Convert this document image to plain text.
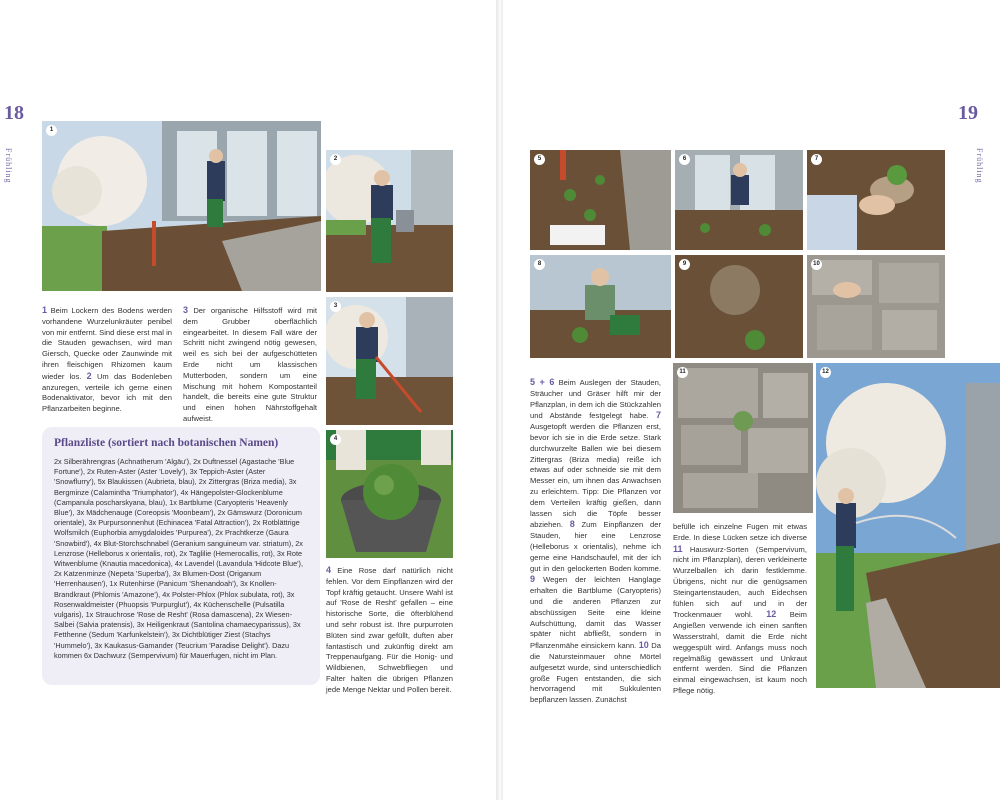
18
Frühling
1
2
3
4
1 Beim Lockern des Bodens werden vorhandene Wurzelunkräuter penibel von mir entfernt. Sind diese erst mal in die Stauden gewachsen, wird man Giersch, Quecke oder Zaunwinde mit ihren fleischigen Rhizomen kaum wieder los. 2 Um das Bodenleben anzuregen, verteile ich gerne einen Bodenaktivator, bevor ich mit den Pflanzarbeiten beginne.
3 Der organische Hilfsstoff wird mit dem Grubber oberflächlich eingearbeitet. In diesem Fall wäre der Schritt nicht zwingend nötig gewesen, weil es sich bei der aufgeschütteten Erde nicht um klassischen Mutterboden, sondern um eine Mischung mit hohem Kompostanteil handelt, die bereits eine gute Struktur und einen hohen Nährstoffgehalt aufweist.
4 Eine Rose darf natürlich nicht fehlen. Vor dem Einpflanzen wird der Topf kräftig getaucht. Unsere Wahl ist auf 'Rose de Resht' gefallen – eine historische Sorte, die öfterblühend und sehr robust ist. Ihre purpurroten Blüten sind zwar gefüllt, duften aber fantastisch und zukünftig direkt am Treppenaufgang. Für die Honig- und Wildbienen, Schwebfliegen und Falter halten die übrigen Pflanzen jede Menge Nektar und Pollen bereit.
Pflanzliste (sortiert nach botanischen Namen)

2x Silberährengras (Achnatherum 'Algäu'), 2x Duftnessel (Agastache 'Blue Fortune'), 2x Ruten-Aster (Aster 'Lovely'), 3x Teppich-Aster (Aster 'Snowflurry'), 5x Blaukissen (Aubrieta, blau), 2x Zittergras (Briza media), 3x Bergminze (Calamintha 'Triumphator'), 4x Hängepolster-Glockenblume (Campanula poscharskyana, blau), 1x Bartblume (Caryopteris 'Heavenly Blue'), 3x Mädchenauge (Coreopsis 'Moonbeam'), 2x Gämswurz (Doronicum orientale), 3x Purpursonnenhut (Echinacea 'Fatal Attraction'), 2x Rotblättrige Wolfsmilch (Euphorbia amygdaloides 'Purpurea'), 2x Prachtkerze (Gaura 'Snowbird'), 4x Blut-Storchschnabel (Geranium sanguineum var. striatum), 2x Lenzrose (Helleborus x orientalis, rot), 2x Taglilie (Hemerocallis, rot), 3x Rote Witwenblume (Knautia macedonica), 4x Lavendel (Lavandula 'Hidcote Blue'), 2x Katzenminze (Nepeta 'Superba'), 3x Blumen-Dost (Origanum 'Herrenhausen'), 1x Rutenhirse (Panicum 'Shenandoah'), 3x Knollen-Brandkraut (Phlomis 'Amazone'), 4x Polster-Phlox (Phlox subulata, rot), 3x Rosenwaldmeister (Phuopsis 'Purpurglut'), 4x Küchenschelle (Pulsatilla vulgaris), 1x Strauchrose 'Rose de Resht' (Rosa damascena), 2x Wiesen-Salbei (Salvia pratensis), 3x Heiligenkraut (Santolina chamaecyparissus), 3x Fetthenne (Sedum 'Karfunkelstein'), 3x Dichtblütiger Ziest (Stachys 'Hummelo'), 3x Kaukasus-Gamander (Teucrium 'Paradise Delight'). Dazu kommen 6x Dachwurz (Sempervivum) für Mauerfugen, nicht im Plan.

19
Frühling
5	6	7
8	9	10
11	12
5 + 6 Beim Auslegen der Stauden, Sträucher und Gräser hilft mir der Pflanzplan, in dem ich die Stückzahlen und Abstände festgelegt habe. 7 Ausgetopft werden die Pflanzen erst, bevor ich sie in die Erde setze. Stark durchwurzelte Ballen wie bei diesem Zittergras (Briza media) reiße ich etwas auf oder schneide sie mit dem Messer ein, um ihnen das Anwachsen zu erleichtern. Tipp: Die Pflanzen vor dem Verteilen kräftig gießen, dann lassen sich die Töpfe besser abziehen. 8 Zum Einpflanzen der Stauden, hier eine Lenzrose (Helleborus x orientalis), nehme ich gerne eine Handschaufel, mit der ich gut in den gelockerten Boden komme. 9 Wegen der leichten Hanglage erhalten die Bartblume (Caryopteris) und die anderen Pflanzen zur abschüssigen Seite eine kleine Aufschüttung, damit das Wasser später nicht abfließt, sondern in Pflanzenmähe einsickern kann. 10 Da die Natursteinmauer ohne Mörtel aufgesetzt wurde, sind unterschiedlich große Fugen entstanden, die sich hervorragend mit Sukkulenten bepflanzen lassen. Zunächst
befülle ich einzelne Fugen mit etwas Erde. In diese Lücken setze ich diverse 11 Hauswurz-Sorten (Sempervivum, nicht im Pflanzplan), deren verkleinerte Wurzelballen ich darin festklemme. Übrigens, nicht nur die genügsamen Steingartenstauden, auch Eidechsen fühlen sich auf und in der Trockenmauer wohl. 12 Beim Angießen verwende ich einen sanften Wasserstrahl, damit die Erde nicht weggespült wird. Anfangs muss noch regelmäßig gewässert und Unkraut entfernt werden. Sind die Pflanzen einmal eingewachsen, ist kaum noch Pflege nötig.
